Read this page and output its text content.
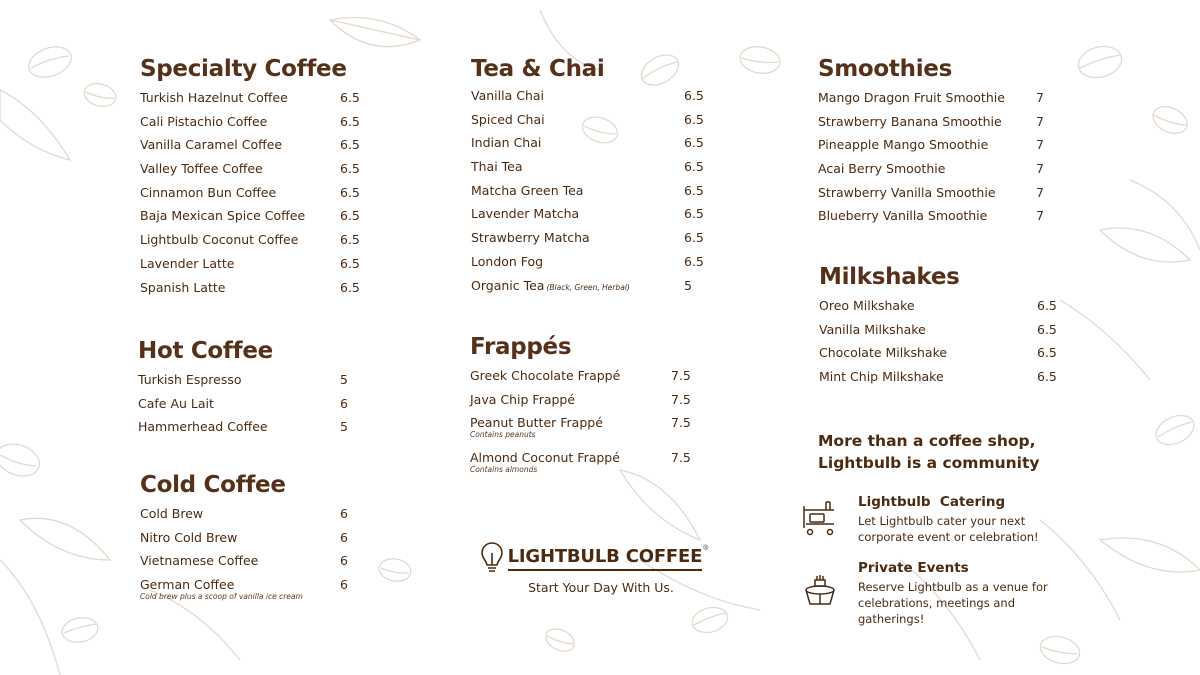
Specialty Coffee
Turkish Hazelnut Coffee	6.5
Cali Pistachio Coffee	6.5
Vanilla Caramel Coffee	6.5
Valley Toffee Coffee	6.5
Cinnamon Bun Coffee	6.5
Baja Mexican Spice Coffee	6.5
Lightbulb Coconut Coffee	6.5
Lavender Latte	6.5
Spanish Latte	6.5
Hot Coffee
Turkish Espresso	5
Cafe Au Lait	6
Hammerhead Coffee	5
Cold Coffee
Cold Brew	6
Nitro Cold Brew	6
Vietnamese Coffee	6
German Coffee	6
Cold brew plus a scoop of vanilla ice cream
Tea & Chai
Vanilla Chai	6.5
Spiced Chai	6.5
Indian Chai	6.5
Thai Tea	6.5
Matcha Green Tea	6.5
Lavender Matcha	6.5
Strawberry Matcha	6.5
London Fog	6.5
Organic Tea (Black, Green, Herbal)	5
Frappés
Greek Chocolate Frappé	7.5
Java Chip Frappé	7.5
Peanut Butter Frappé	7.5
Contains peanuts
Almond Coconut Frappé	7.5
Contains almonds
Smoothies
Mango Dragon Fruit Smoothie 7
Strawberry Banana Smoothie	7
Pineapple Mango Smoothie	7
Acai Berry Smoothie	7
Strawberry Vanilla Smoothie	7
Blueberry Vanilla Smoothie	7
Milkshakes
Oreo Milkshake	6.5
Vanilla Milkshake	6.5
Chocolate Milkshake	6.5
Mint Chip Milkshake	6.5
More than a coffee shop,
Lightbulb is a community
Lightbulb  Catering
Let Lightbulb cater your next corporate event or celebration!
Private Events
Reserve Lightbulb as a venue for celebrations, meetings and gatherings!
LIGHTBULB COFFEE ®
Start Your Day With Us.
